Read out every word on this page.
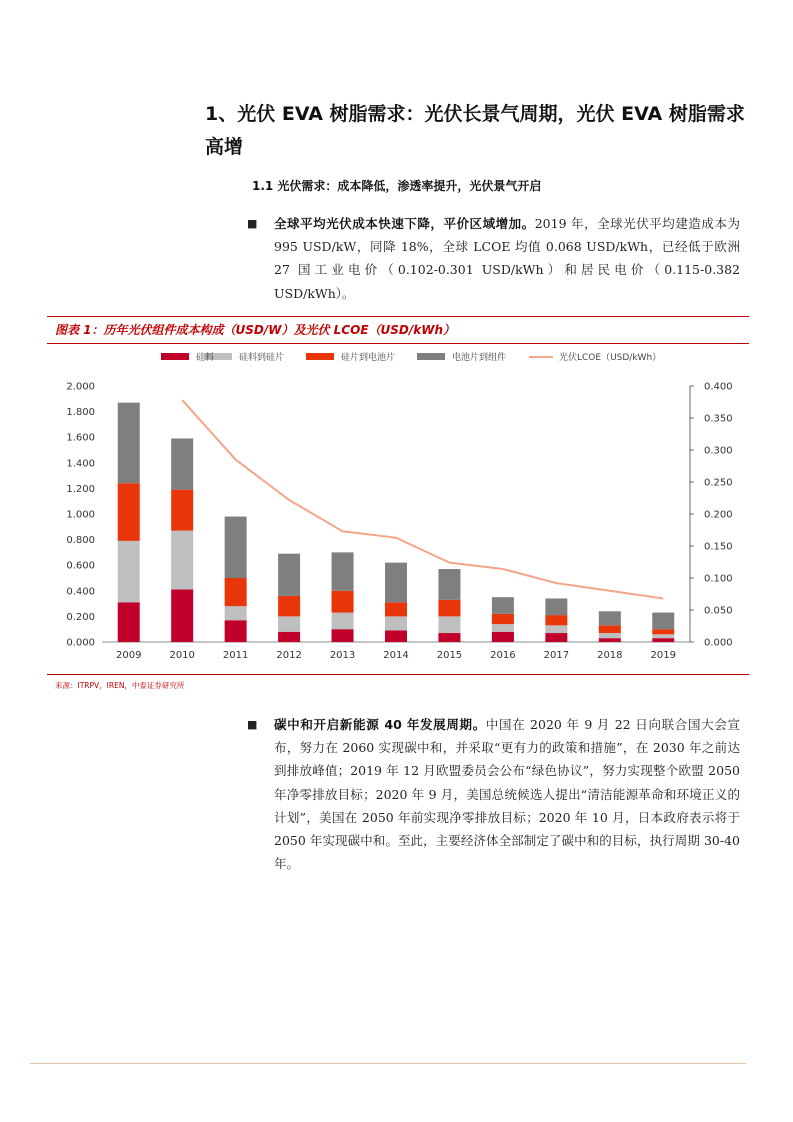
1、光伏 EVA 树脂需求：光伏长景气周期，光伏 EVA 树脂需求高增
1.1 光伏需求：成本降低，渗透率提升，光伏景气开启
■ 全球平均光伏成本快速下降，平价区域增加。2019 年，全球光伏平均建造成本为 995 USD/kW，同降 18%，全球 LCOE 均值 0.068 USD/kWh，已经低于欧洲 27 国工业电价（0.102-0.301 USD/kWh）和居民电价（0.115-0.382 USD/kWh）。

图表 1：历年光伏组件成本构成（USD/W）及光伏 LCOE（USD/kWh）
硅料	硅料到硅片	硅片到电池片	电池片到组件	光伏LCOE（USD/kWh）
0.000
0.200
0.400
0.600
0.800
1.000
1.200
1.400
1.600
1.800
2.000
0.000
0.050
0.100
0.150
0.200
0.250
0.300
0.350
0.400
2009	2010	2011	2012	2013	2014	2015	2016	2017	2018	2019
来源：ITRPV，IREN，中泰证券研究所
■ 碳中和开启新能源 40 年发展周期。中国在 2020 年 9 月 22 日向联合国大会宣布，努力在 2060 实现碳中和，并采取“更有力的政策和措施”，在 2030 年之前达到排放峰值；2019 年 12 月欧盟委员会公布“绿色协议”，努力实现整个欧盟 2050 年净零排放目标；2020 年 9 月，美国总统候选人提出“清洁能源革命和环境正义的计划”，美国在 2050 年前实现净零排放目标；2020 年 10 月，日本政府表示将于 2050 年实现碳中和。至此，主要经济体全部制定了碳中和的目标，执行周期 30-40 年。
